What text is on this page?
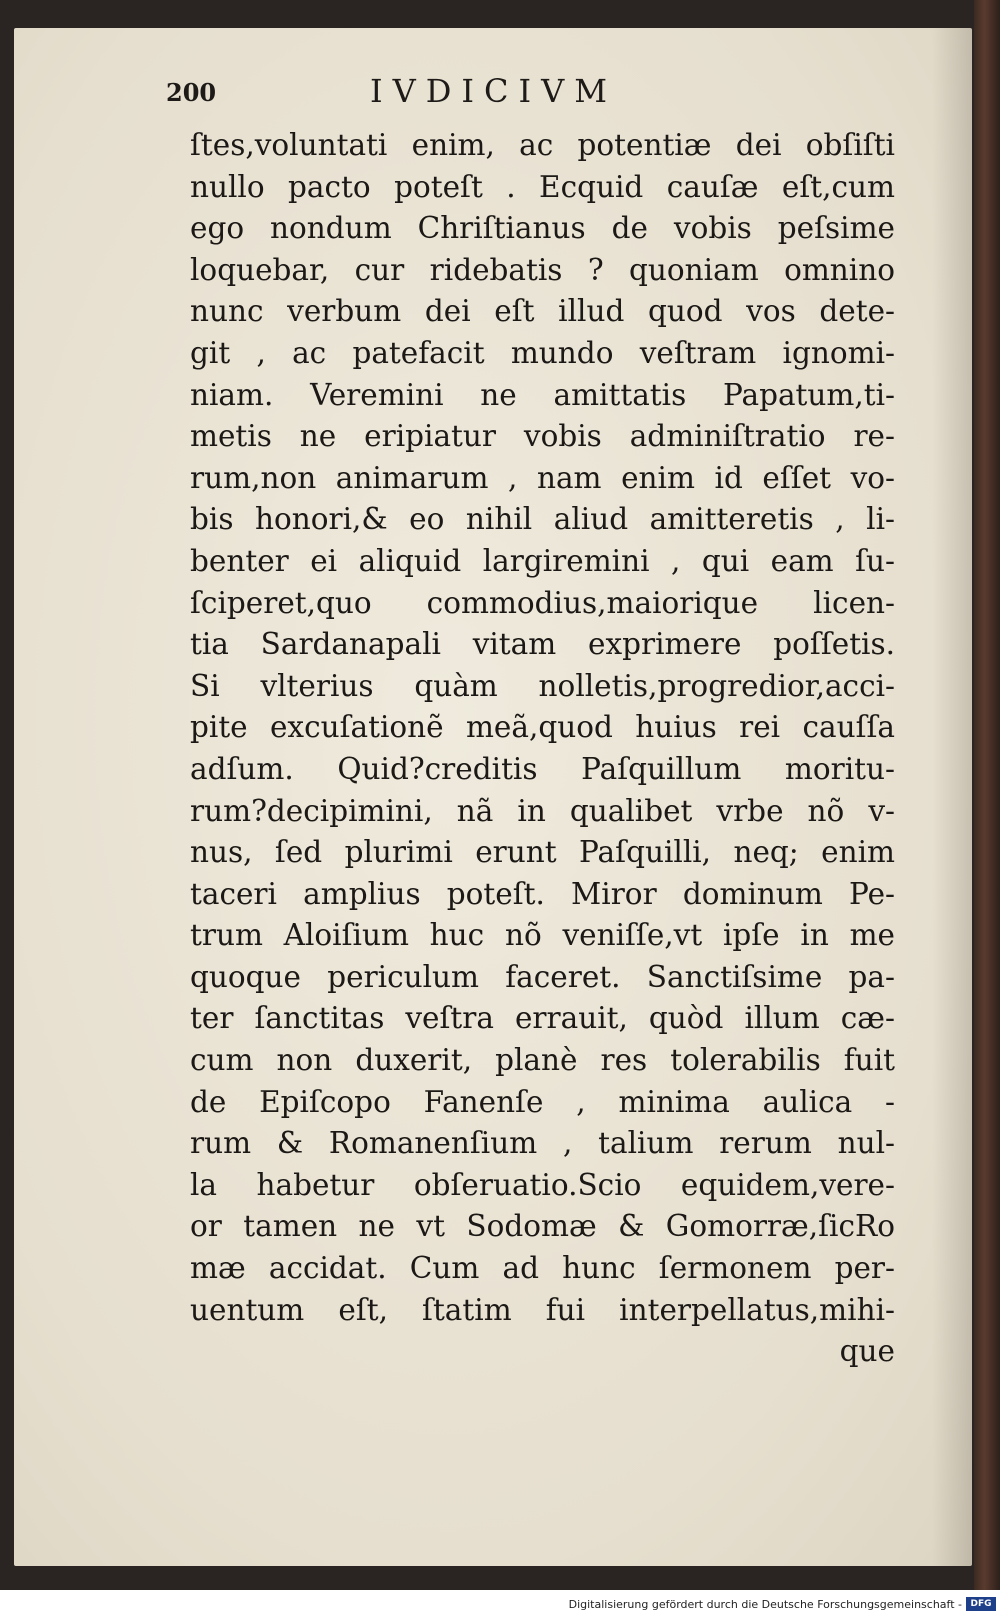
200	IVDICIVM
ſtes,voluntati enim, ac potentiæ dei obſiſti
nullo pacto poteſt . Ecquid cauſæ eſt,cum
ego nondum Chriſtianus de vobis peſsime
loquebar, cur ridebatis ? quoniam omnino
nunc verbum dei eſt illud quod vos dete-
git , ac patefacit mundo veſtram ignomi-
niam. Veremini ne amittatis Papatum,ti-
metis ne eripiatur vobis adminiſtratio re-
rum,non animarum , nam enim id eſſet vo-
bis honori,& eo nihil aliud amitteretis , li-
benter ei aliquid largiremini , qui eam ſu-
ſciperet,quo commodius,maiorique licen-
tia Sardanapali vitam exprimere poſſetis.
Si vlterius quàm nolletis,progredior,acci-
pite excuſationẽ meã,quod huius rei cauſſa
adſum. Quid?creditis Paſquillum moritu-
rum?decipimini, nã in qualibet vrbe nõ v-
nus, ſed plurimi erunt Paſquilli, neq; enim
taceri amplius poteſt. Miror dominum Pe-
trum Aloiſium huc nõ veniſſe,vt ipſe in me
quoque periculum faceret. Sanctiſsime pa-
ter ſanctitas veſtra errauit, quòd illum cæ-
cum non duxerit, planè res tolerabilis fuit
de Epiſcopo Fanenſe , minima aulica -
rum & Romanenſium , talium rerum nul-
la habetur obſeruatio.Scio equidem,vere-
or tamen ne vt Sodomæ & Gomorræ,ſicRo
mæ accidat. Cum ad hunc ſermonem per-
uentum eſt, ſtatim fui interpellatus,mihi-
que
Digitalisierung gefördert durch die Deutsche Forschungsgemeinschaft - DFG
